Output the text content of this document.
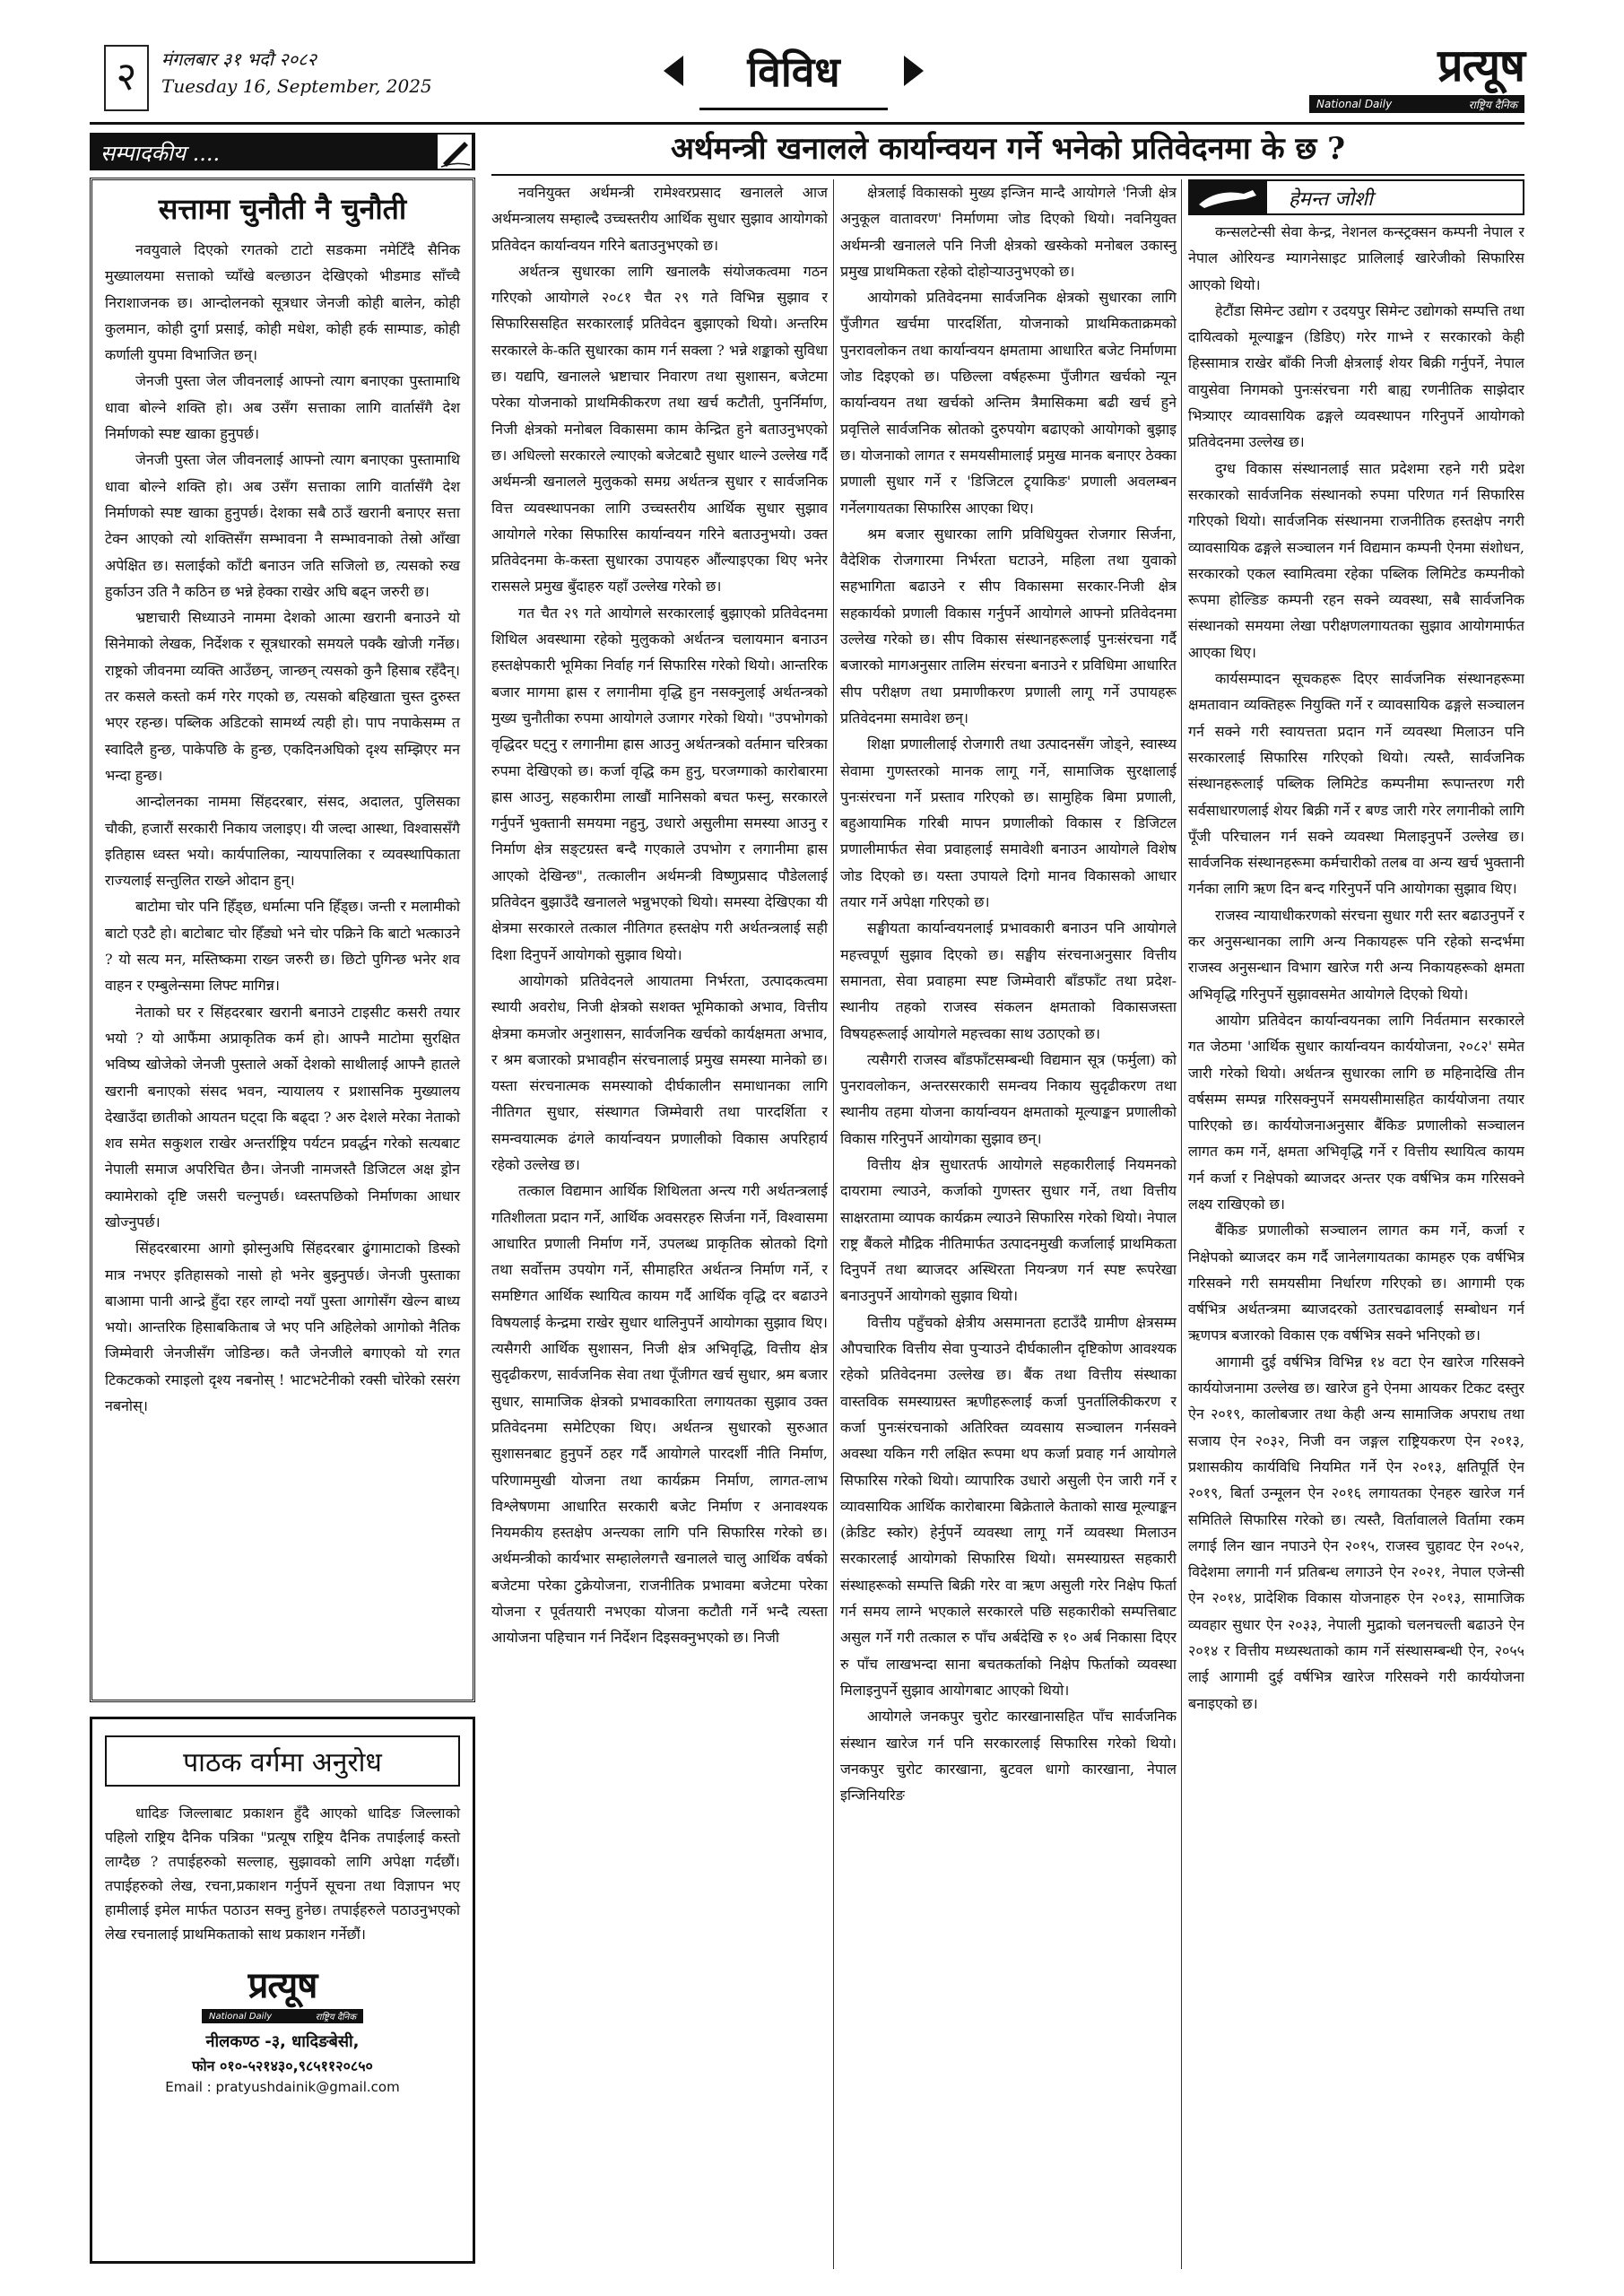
२	मंगलबार ३१ भदौ २०८२
Tuesday 16, September, 2025	विविध	प्रत्यूष
National Daily	राष्ट्रिय दैनिक
सम्पादकीय ....
सत्तामा चुनौती नै चुनौती

नवयुवाले दिएको रगतको टाटो सडकमा नमेटिँदै सैनिक मुख्यालयमा सत्ताको च्याँखे बल्छाउन देखिएको भीडमाड साँच्चै निराशाजनक छ। आन्दोलनको सूत्रधार जेनजी कोही बालेन, कोही कुलमान, कोही दुर्गा प्रसाई, कोही मधेश, कोही हर्क साम्पाङ, कोही कर्णाली युपमा विभाजित छन्।

जेनजी पुस्ता जेल जीवनलाई आफ्नो त्याग बनाएका पुस्तामाथि धावा बोल्ने शक्ति हो। अब उसँग सत्ताका लागि वार्तासँगै देश निर्माणको स्पष्ट खाका हुनुपर्छ।

जेनजी पुस्ता जेल जीवनलाई आफ्नो त्याग बनाएका पुस्तामाथि धावा बोल्ने शक्ति हो। अब उसँग सत्ताका लागि वार्तासँगै देश निर्माणको स्पष्ट खाका हुनुपर्छ। देशका सबै ठाउँ खरानी बनाएर सत्ता टेक्न आएको त्यो शक्तिसँग सम्भावना नै सम्भावनाको तेस्रो आँखा अपेक्षित छ। सलाईको काँटी बनाउन जति सजिलो छ, त्यसको रुख हुर्काउन उति नै कठिन छ भन्ने हेक्का राखेर अघि बढ्न जरुरी छ।

भ्रष्टाचारी सिध्याउने नाममा देशको आत्मा खरानी बनाउने यो सिनेमाको लेखक, निर्देशक र सूत्रधारको समयले पक्कै खोजी गर्नेछ। राष्ट्रको जीवनमा व्यक्ति आउँछन्, जान्छन् त्यसको कुनै हिसाब रहँदैन्। तर कसले कस्तो कर्म गरेर गएको छ, त्यसको बहिखाता चुस्त दुरुस्त भएर रहन्छ। पब्लिक अडिटको सामर्थ्य त्यही हो। पाप नपाकेसम्म त स्वादिलै हुन्छ, पाकेपछि के हुन्छ, एकदिनअघिको दृश्य सम्झिएर मन भन्दा हुन्छ।

आन्दोलनका नाममा सिंहदरबार, संसद, अदालत, पुलिसका चौकी, हजारौं सरकारी निकाय जलाइए। यी जल्दा आस्था, विश्वाससँगै इतिहास ध्वस्त भयो। कार्यपालिका, न्यायपालिका र व्यवस्थापिकाता राज्यलाई सन्तुलित राख्ने ओदान हुन्।

बाटोमा चोर पनि हिँड्छ, धर्मात्मा पनि हिँड्छ। जन्ती र मलामीको बाटो एउटै हो। बाटोबाट चोर हिँड्यो भने चोर पक्रिने कि बाटो भत्काउने ? यो सत्य मन, मस्तिष्कमा राख्न जरुरी छ। छिटो पुगिन्छ भनेर शव वाहन र एम्बुलेन्समा लिफ्ट मागिन्न।

नेताको घर र सिंहदरबार खरानी बनाउने टाइसीट कसरी तयार भयो ? यो आफैंमा अप्राकृतिक कर्म हो। आफ्नै माटोमा सुरक्षित भविष्य खोजेको जेनजी पुस्ताले अर्को देशको साथीलाई आफ्नै हातले खरानी बनाएको संसद भवन, न्यायालय र प्रशासनिक मुख्यालय देखाउँदा छातीको आयतन घट्दा कि बढ्दा ? अरु देशले मरेका नेताको शव समेत सकुशल राखेर अन्तर्राष्ट्रिय पर्यटन प्रवर्द्धन गरेको सत्यबाट नेपाली समाज अपरिचित छैन। जेनजी नामजस्तै डिजिटल अक्ष ड्रोन क्यामेराको दृष्टि जसरी चल्नुपर्छ। ध्वस्तपछिको निर्माणका आधार खोज्नुपर्छ।

सिंहदरबारमा आगो झोस्नुअघि सिंहदरबार ढुंगामाटाको डिस्को मात्र नभएर इतिहासको नासो हो भनेर बुझ्नुपर्छ। जेनजी पुस्ताका बाआमा पानी आन्द्रे हुँदा रहर लाग्दो नयाँ पुस्ता आगोसँग खेल्न बाध्य भयो। आन्तरिक हिसाबकिताब जे भए पनि अहिलेको आगोको नैतिक जिम्मेवारी जेनजीसँग जोडिन्छ। कतै जेनजीले बगाएको यो रगत टिकटकको रमाइलो दृश्य नबनोस् ! भाटभटेनीको रक्सी चोरेको रसरंग नबनोस्।

पाठक वर्गमा अनुरोध
धादिङ जिल्लाबाट प्रकाशन हुँदै आएको धादिङ जिल्लाको पहिलो राष्ट्रिय दैनिक पत्रिका "प्रत्यूष राष्ट्रिय दैनिक तपाईलाई कस्तो लाग्दैछ ? तपाईहरुको सल्लाह, सुझावको लागि अपेक्षा गर्दछौं। तपाईहरुको लेख, रचना,प्रकाशन गर्नुपर्ने सूचना तथा विज्ञापन भए हामीलाई इमेल मार्फत पठाउन सक्नु हुनेछ। तपाईहरुले पठाउनुभएको लेख रचनालाई प्राथमिकताको साथ प्रकाशन गर्नेछौं।
प्रत्यूष
National Daily	राष्ट्रिय दैनिक
नीलकण्ठ -३, धादिङबेसी,
फोन ०१०-५२१४३०,९८५११२०८५०
Email : pratyushdainik@gmail.com
अर्थमन्त्री खनालले कार्यान्वयन गर्ने भनेको प्रतिवेदनमा के छ ?

नवनियुक्त अर्थमन्त्री रामेश्वरप्रसाद खनालले आज अर्थमन्त्रालय सम्हाल्दै उच्चस्तरीय आर्थिक सुधार सुझाव आयोगको प्रतिवेदन कार्यान्वयन गरिने बताउनुभएको छ।

अर्थतन्त्र सुधारका लागि खनालकै संयोजकत्वमा गठन गरिएको आयोगले २०८१ चैत २९ गते विभिन्न सुझाव र सिफारिससहित सरकारलाई प्रतिवेदन बुझाएको थियो। अन्तरिम सरकारले के-कति सुधारका काम गर्न सक्ला ? भन्ने शङ्काको सुविधा छ। यद्यपि, खनालले भ्रष्टाचार निवारण तथा सुशासन, बजेटमा परेका योजनाको प्राथमिकीकरण तथा खर्च कटौती, पुनर्निर्माण, निजी क्षेत्रको मनोबल विकासमा काम केन्द्रित हुने बताउनुभएको छ। अधिल्लो सरकारले ल्याएको बजेटबाटै सुधार थाल्ने उल्लेख गर्दै अर्थमन्त्री खनालले मुलुकको समग्र अर्थतन्त्र सुधार र सार्वजनिक वित्त व्यवस्थापनका लागि उच्चस्तरीय आर्थिक सुधार सुझाव आयोगले गरेका सिफारिस कार्यान्वयन गरिने बताउनुभयो। उक्त प्रतिवेदनमा के-कस्ता सुधारका उपायहरु औंल्याइएका थिए भनेर राससले प्रमुख बुँदाहरु यहाँ उल्लेख गरेको छ।

गत चैत २९ गते आयोगले सरकारलाई बुझाएको प्रतिवेदनमा शिथिल अवस्थामा रहेको मुलुकको अर्थतन्त्र चलायमान बनाउन हस्तक्षेपकारी भूमिका निर्वाह गर्न सिफारिस गरेको थियो। आन्तरिक बजार मागमा ह्रास र लगानीमा वृद्धि हुन नसक्नुलाई अर्थतन्त्रको मुख्य चुनौतीका रुपमा आयोगले उजागर गरेको थियो। "उपभोगको वृद्धिदर घट्नु र लगानीमा ह्रास आउनु अर्थतन्त्रको वर्तमान चरित्रका रुपमा देखिएको छ। कर्जा वृद्धि कम हुनु, घरजग्गाको कारोबारमा ह्रास आउनु, सहकारीमा लाखौं मानिसको बचत फस्नु, सरकारले गर्नुपर्ने भुक्तानी समयमा नहुनु, उधारो असुलीमा समस्या आउनु र निर्माण क्षेत्र सङ्टग्रस्त बन्दै गएकाले उपभोग र लगानीमा ह्रास आएको देखिन्छ", तत्कालीन अर्थमन्त्री विष्णुप्रसाद पौडेललाई प्रतिवेदन बुझाउँदै खनालले भन्नुभएको थियो। समस्या देखिएका यी क्षेत्रमा सरकारले तत्काल नीतिगत हस्तक्षेप गरी अर्थतन्त्रलाई सही दिशा दिनुपर्ने आयोगको सुझाव थियो।

आयोगको प्रतिवेदनले आयातमा निर्भरता, उत्पादकत्वमा स्थायी अवरोध, निजी क्षेत्रको सशक्त भूमिकाको अभाव, वित्तीय क्षेत्रमा कमजोर अनुशासन, सार्वजनिक खर्चको कार्यक्षमता अभाव, र श्रम बजारको प्रभावहीन संरचनालाई प्रमुख समस्या मानेको छ। यस्ता संरचनात्मक समस्याको दीर्घकालीन समाधानका लागि नीतिगत सुधार, संस्थागत जिम्मेवारी तथा पारदर्शिता र समन्वयात्मक ढंगले कार्यान्वयन प्रणालीको विकास अपरिहार्य रहेको उल्लेख छ।

तत्काल विद्यमान आर्थिक शिथिलता अन्त्य गरी अर्थतन्त्रलाई गतिशीलता प्रदान गर्ने, आर्थिक अवसरहरु सिर्जना गर्ने, विश्वासमा आधारित प्रणाली निर्माण गर्ने, उपलब्ध प्राकृतिक स्रोतको दिगो तथा सर्वोत्तम उपयोग गर्ने, सीमाहरित अर्थतन्त्र निर्माण गर्ने, र समष्टिगत आर्थिक स्थायित्व कायम गर्दै आर्थिक वृद्धि दर बढाउने विषयलाई केन्द्रमा राखेर सुधार थालिनुपर्ने आयोगका सुझाव थिए। त्यसैगरी आर्थिक सुशासन, निजी क्षेत्र अभिवृद्धि, वित्तीय क्षेत्र सुदृढीकरण, सार्वजनिक सेवा तथा पूँजीगत खर्च सुधार, श्रम बजार सुधार, सामाजिक क्षेत्रको प्रभावकारिता लगायतका सुझाव उक्त प्रतिवेदनमा समेटिएका थिए। अर्थतन्त्र सुधारको सुरुआत सुशासनबाट हुनुपर्ने ठहर गर्दै आयोगले पारदर्शी नीति निर्माण, परिणाममुखी योजना तथा कार्यक्रम निर्माण, लागत-लाभ विश्लेषणमा आधारित सरकारी बजेट निर्माण र अनावश्यक नियमकीय हस्तक्षेप अन्त्यका लागि पनि सिफारिस गरेको छ। अर्थमन्त्रीको कार्यभार सम्हालेलगत्तै खनालले चालु आर्थिक वर्षको बजेटमा परेका टुक्रेयोजना, राजनीतिक प्रभावमा बजेटमा परेका योजना र पूर्वतयारी नभएका योजना कटौती गर्ने भन्दै त्यस्ता आयोजना पहिचान गर्न निर्देशन दिइसक्नुभएको छ। निजी

क्षेत्रलाई विकासको मुख्य इन्जिन मान्दै आयोगले 'निजी क्षेत्र अनुकूल वातावरण' निर्माणमा जोड दिएको थियो। नवनियुक्त अर्थमन्त्री खनालले पनि निजी क्षेत्रको खस्केको मनोबल उकास्नु प्रमुख प्राथमिकता रहेको दोहोऱ्याउनुभएको छ।

आयोगको प्रतिवेदनमा सार्वजनिक क्षेत्रको सुधारका लागि पुँजीगत खर्चमा पारदर्शिता, योजनाको प्राथमिकताक्रमको पुनरावलोकन तथा कार्यान्वयन क्षमतामा आधारित बजेट निर्माणमा जोड दिइएको छ। पछिल्ला वर्षहरूमा पुँजीगत खर्चको न्यून कार्यान्वयन तथा खर्चको अन्तिम त्रैमासिकमा बढी खर्च हुने प्रवृत्तिले सार्वजनिक स्रोतको दुरुपयोग बढाएको आयोगको बुझाइ छ। योजनाको लागत र समयसीमालाई प्रमुख मानक बनाएर ठेक्का प्रणाली सुधार गर्ने र 'डिजिटल ट्र्याकिङ' प्रणाली अवलम्बन गर्नेलगायतका सिफारिस आएका थिए।

श्रम बजार सुधारका लागि प्रविधियुक्त रोजगार सिर्जना, वैदेशिक रोजगारमा निर्भरता घटाउने, महिला तथा युवाको सहभागिता बढाउने र सीप विकासमा सरकार-निजी क्षेत्र सहकार्यको प्रणाली विकास गर्नुपर्ने आयोगले आफ्नो प्रतिवेदनमा उल्लेख गरेको छ। सीप विकास संस्थानहरूलाई पुनःसंरचना गर्दै बजारको मागअनुसार तालिम संरचना बनाउने र प्रविधिमा आधारित सीप परीक्षण तथा प्रमाणीकरण प्रणाली लागू गर्ने उपायहरू प्रतिवेदनमा समावेश छन्।

शिक्षा प्रणालीलाई रोजगारी तथा उत्पादनसँग जोड्ने, स्वास्थ्य सेवामा गुणस्तरको मानक लागू गर्ने, सामाजिक सुरक्षालाई पुनःसंरचना गर्ने प्रस्ताव गरिएको छ। सामुहिक बिमा प्रणाली, बहुआयामिक गरिबी मापन प्रणालीको विकास र डिजिटल प्रणालीमार्फत सेवा प्रवाहलाई समावेशी बनाउन आयोगले विशेष जोड दिएको छ। यस्ता उपायले दिगो मानव विकासको आधार तयार गर्ने अपेक्षा गरिएको छ।

सङ्घीयता कार्यान्वयनलाई प्रभावकारी बनाउन पनि आयोगले महत्त्वपूर्ण सुझाव दिएको छ। सङ्घीय संरचनाअनुसार वित्तीय समानता, सेवा प्रवाहमा स्पष्ट जिम्मेवारी बाँडफाँट तथा प्रदेश-स्थानीय तहको राजस्व संकलन क्षमताको विकासजस्ता विषयहरूलाई आयोगले महत्त्वका साथ उठाएको छ।

त्यसैगरी राजस्व बाँडफाँटसम्बन्धी विद्यमान सूत्र (फर्मुला) को पुनरावलोकन, अन्तरसरकारी समन्वय निकाय सुदृढीकरण तथा स्थानीय तहमा योजना कार्यान्वयन क्षमताको मूल्याङ्कन प्रणालीको विकास गरिनुपर्ने आयोगका सुझाव छन्।

वित्तीय क्षेत्र सुधारतर्फ आयोगले सहकारीलाई नियमनको दायरामा ल्याउने, कर्जाको गुणस्तर सुधार गर्ने, तथा वित्तीय साक्षरतामा व्यापक कार्यक्रम ल्याउने सिफारिस गरेको थियो। नेपाल राष्ट्र बैंकले मौद्रिक नीतिमार्फत उत्पादनमुखी कर्जालाई प्राथमिकता दिनुपर्ने तथा ब्याजदर अस्थिरता नियन्त्रण गर्न स्पष्ट रूपरेखा बनाउनुपर्ने आयोगको सुझाव थियो।

वित्तीय पहुँचको क्षेत्रीय असमानता हटाउँदै ग्रामीण क्षेत्रसम्म औपचारिक वित्तीय सेवा पुऱ्याउने दीर्घकालीन दृष्टिकोण आवश्यक रहेको प्रतिवेदनमा उल्लेख छ। बैंक तथा वित्तीय संस्थाका वास्तविक समस्याग्रस्त ऋणीहरूलाई कर्जा पुनर्तालिकीकरण र कर्जा पुनःसंरचनाको अतिरिक्त व्यवसाय सञ्चालन गर्नसक्ने अवस्था यकिन गरी लक्षित रूपमा थप कर्जा प्रवाह गर्न आयोगले सिफारिस गरेको थियो। व्यापारिक उधारो असुली ऐन जारी गर्ने र व्यावसायिक आर्थिक कारोबारमा बिक्रेताले केताको साख मूल्याङ्कन (क्रेडिट स्कोर) हेर्नुपर्ने व्यवस्था लागू गर्ने व्यवस्था मिलाउन सरकारलाई आयोगको सिफारिस थियो। समस्याग्रस्त सहकारी संस्थाहरूको सम्पत्ति बिक्री गरेर वा ऋण असुली गरेर निक्षेप फिर्ता गर्न समय लाग्ने भएकाले सरकारले पछि सहकारीको सम्पत्तिबाट असुल गर्ने गरी तत्काल रु पाँच अर्बदेखि रु १० अर्ब निकासा दिएर रु पाँच लाखभन्दा साना बचतकर्ताको निक्षेप फिर्ताको व्यवस्था मिलाइनुपर्ने सुझाव आयोगबाट आएको थियो।

आयोगले जनकपुर चुरोट कारखानासहित पाँच सार्वजनिक संस्थान खारेज गर्न पनि सरकारलाई सिफारिस गरेको थियो। जनकपुर चुरोट कारखाना, बुटवल धागो कारखाना, नेपाल इन्जिनियरिङ

हेमन्त जोशी

कन्सलटेन्सी सेवा केन्द्र, नेशनल कन्स्ट्रक्सन कम्पनी नेपाल र नेपाल ओरियन्ड म्यागनेसाइट प्रालिलाई खारेजीको सिफारिस आएको थियो।

हेटौंडा सिमेन्ट उद्योग र उदयपुर सिमेन्ट उद्योगको सम्पत्ति तथा दायित्वको मूल्याङ्कन (डिडिए) गरेर गाभ्ने र सरकारको केही हिस्सामात्र राखेर बाँकी निजी क्षेत्रलाई शेयर बिक्री गर्नुपर्ने, नेपाल वायुसेवा निगमको पुनःसंरचना गरी बाह्य रणनीतिक साझेदार भित्र्याएर व्यावसायिक ढङ्गले व्यवस्थापन गरिनुपर्ने आयोगको प्रतिवेदनमा उल्लेख छ।

दुग्ध विकास संस्थानलाई सात प्रदेशमा रहने गरी प्रदेश सरकारको सार्वजनिक संस्थानको रुपमा परिणत गर्न सिफारिस गरिएको थियो। सार्वजनिक संस्थानमा राजनीतिक हस्तक्षेप नगरी व्यावसायिक ढङ्गले सञ्चालन गर्न विद्यमान कम्पनी ऐनमा संशोधन, सरकारको एकल स्वामित्वमा रहेका पब्लिक लिमिटेड कम्पनीको रूपमा होल्डिङ कम्पनी रहन सक्ने व्यवस्था, सबै सार्वजनिक संस्थानको समयमा लेखा परीक्षणलगायतका सुझाव आयोगमार्फत आएका थिए।

कार्यसम्पादन सूचकहरू दिएर सार्वजनिक संस्थानहरूमा क्षमतावान व्यक्तिहरू नियुक्ति गर्ने र व्यावसायिक ढङ्गले सञ्चालन गर्न सक्ने गरी स्वायत्तता प्रदान गर्ने व्यवस्था मिलाउन पनि सरकारलाई सिफारिस गरिएको थियो। त्यस्तै, सार्वजनिक संस्थानहरूलाई पब्लिक लिमिटेड कम्पनीमा रूपान्तरण गरी सर्वसाधारणलाई शेयर बिक्री गर्ने र बण्ड जारी गरेर लगानीको लागि पूँजी परिचालन गर्न सक्ने व्यवस्था मिलाइनुपर्ने उल्लेख छ। सार्वजनिक संस्थानहरूमा कर्मचारीको तलब वा अन्य खर्च भुक्तानी गर्नका लागि ऋण दिन बन्द गरिनुपर्ने पनि आयोगका सुझाव थिए।

राजस्व न्यायाधीकरणको संरचना सुधार गरी स्तर बढाउनुपर्ने र कर अनुसन्धानका लागि अन्य निकायहरू पनि रहेको सन्दर्भमा राजस्व अनुसन्धान विभाग खारेज गरी अन्य निकायहरूको क्षमता अभिवृद्धि गरिनुपर्ने सुझावसमेत आयोगले दिएको थियो।

आयोग प्रतिवेदन कार्यान्वयनका लागि निर्वतमान सरकारले गत जेठमा 'आर्थिक सुधार कार्यान्वयन कार्ययोजना, २०८२' समेत जारी गरेको थियो। अर्थतन्त्र सुधारका लागि छ महिनादेखि तीन वर्षसम्म सम्पन्न गरिसक्नुपर्ने समयसीमासहित कार्ययोजना तयार पारिएको छ। कार्ययोजनाअनुसार बैंकिङ प्रणालीको सञ्चालन लागत कम गर्ने, क्षमता अभिवृद्धि गर्ने र वित्तीय स्थायित्व कायम गर्न कर्जा र निक्षेपको ब्याजदर अन्तर एक वर्षभित्र कम गरिसक्ने लक्ष्य राखिएको छ।

बैंकिङ प्रणालीको सञ्चालन लागत कम गर्ने, कर्जा र निक्षेपको ब्याजदर कम गर्दै जानेलगायतका कामहरु एक वर्षभित्र गरिसक्ने गरी समयसीमा निर्धारण गरिएको छ। आगामी एक वर्षभित्र अर्थतन्त्रमा ब्याजदरको उतारचढावलाई सम्बोधन गर्न ऋणपत्र बजारको विकास एक वर्षभित्र सक्ने भनिएको छ।

आगामी दुई वर्षभित्र विभिन्न १४ वटा ऐन खारेज गरिसक्ने कार्ययोजनामा उल्लेख छ। खारेज हुने ऐनमा आयकर टिकट दस्तुर ऐन २०१९, कालोबजार तथा केही अन्य सामाजिक अपराध तथा सजाय ऐन २०३२, निजी वन जङ्गल राष्ट्रियकरण ऐन २०१३, प्रशासकीय कार्यविधि नियमित गर्ने ऐन २०१३, क्षतिपूर्ति ऐन २०१९, बिर्ता उन्मूलन ऐन २०१६ लगायतका ऐनहरु खारेज गर्न समितिले सिफारिस गरेको छ। त्यस्तै, विर्तावालले विर्तामा रकम लगाई लिन खान नपाउने ऐन २०१५, राजस्व चुहावट ऐन २०५२, विदेशमा लगानी गर्न प्रतिबन्ध लगाउने ऐन २०२१, नेपाल एजेन्सी ऐन २०१४, प्रादेशिक विकास योजनाहरु ऐन २०१३, सामाजिक व्यवहार सुधार ऐन २०३३, नेपाली मुद्राको चलनचल्ती बढाउने ऐन २०१४ र वित्तीय मध्यस्थताको काम गर्ने संस्थासम्बन्धी ऐन, २०५५ लाई आगामी दुई वर्षभित्र खारेज गरिसक्ने गरी कार्ययोजना बनाइएको छ।
